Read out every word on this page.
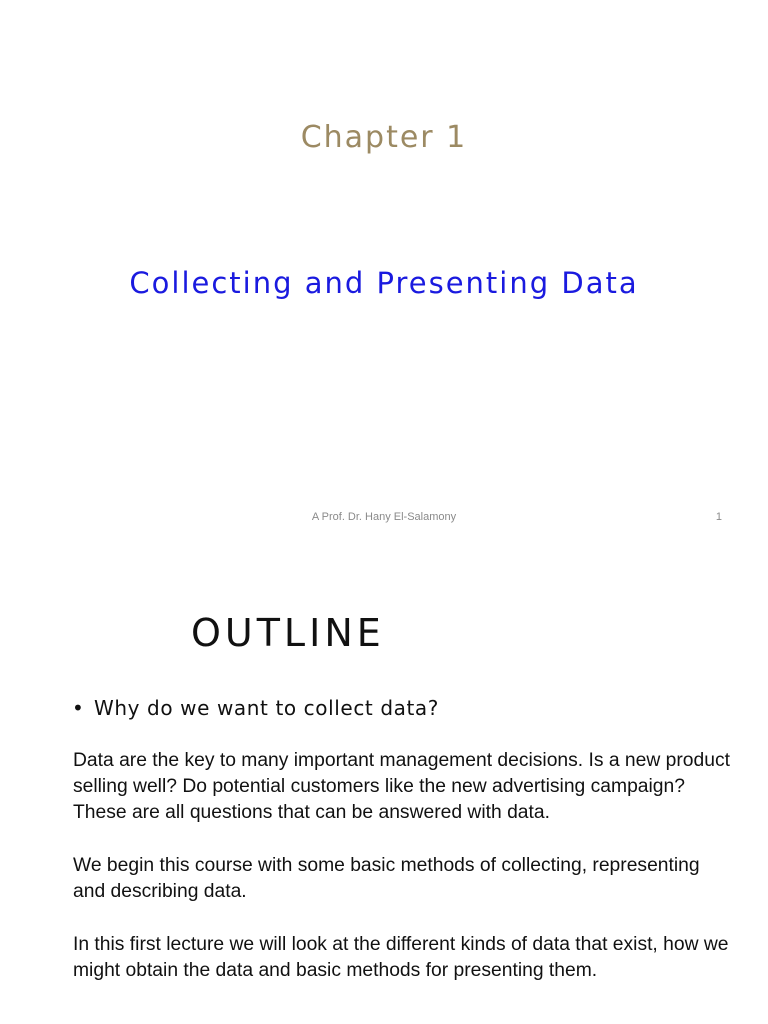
Chapter 1
Collecting and Presenting Data
A Prof. Dr. Hany El-Salamony	1
OUTLINE
• Why do we want to collect data?

Data are the key to many important management decisions. Is a new product selling well? Do potential customers like the new advertising campaign? These are all questions that can be answered with data.

We begin this course with some basic methods of collecting, representing and describing data.

In this first lecture we will look at the different kinds of data that exist, how we might obtain the data and basic methods for presenting them.
